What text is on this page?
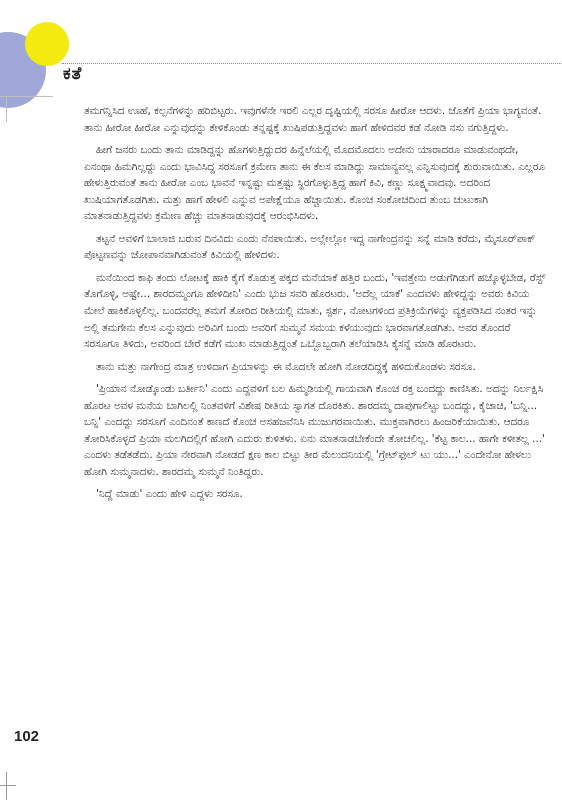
ಕತೆ

ತಮಗನ್ನಿಸಿದ ಊಹೆ, ಕಲ್ಪನೆಗಳನ್ನು ಹರಿಬಿಟ್ಟರು. ಇವುಗಳೆನೇ ಇರಲಿ ಎಲ್ಲರ ದೃಷ್ಟಿಯಲ್ಲಿ ಸರಸೂ ಹೀರೋ ಆದಳು. ಜೊತೆಗೆ ಪ್ರಿಯಾ ಭಾಗ್ಯವಂತೆ. ತಾನು ಹೀರೋ ಹೀರೋ ಎನ್ನುವುದನ್ನು ಕೇಳಿಕೊಂಡು ತನ್ನಷ್ಟಕ್ಕೆ ಖುಷಿಪಡುತ್ತಿದ್ದವಳು ಹಾಗೆ ಹೇಳಿದವರ ಕಡೆ ನೋಡಿ ನಸು ನಗುತ್ತಿದ್ದಳು.

ಹೀಗೆ ಜನರು ಬಂದು ತಾನು ಮಾಡಿದ್ದನ್ನು ಹೊಗಳುತ್ತಿದ್ದುದರ ಹಿನ್ನೆಲೆಯಲ್ಲಿ ಮೊದಮೊದಲು ಅದೇನು ಯಾರಾದರೂ ಮಾಡುವಂಥದೇ, ಏನಂಥಾ ಹಿಮಗಿಲ್ಲದ್ದು ಎಂದು ಭಾವಿಸಿದ್ದ ಸರಸೂಗೆ ಕ್ರಮೇಣ ತಾನು ಈ ಕೆಲಸ ಮಾಡಿದ್ದು ಸಾಮಾನ್ಯವಲ್ಲ ಎನ್ನಿಸುವುದಕ್ಕೆ ಶುರುವಾಯಿತು. ಎಲ್ಲರೂ ಹೇಳುತ್ತಿರುವಂತೆ ತಾನು ಹೀರೋ ಎಂಬ ಭಾವನೆ ಇನ್ನಷ್ಟು ಮತ್ತಷ್ಟು ಸ್ಥಿರಗೊಳ್ಳುತ್ತಿದ್ದ ಹಾಗೆ ಕಿವಿ, ಕಣ್ಣು ಸೂಕ್ಷ್ಮವಾದವು. ಅದರಿಂದ ಖುಷಿಯಾಗತೊಡಗಿತು. ಮತ್ತು ಹಾಗೆ ಹೇಳಲಿ ಎನ್ನುವ ಅಪೇಕ್ಷೆಯೂ ಹೆಚ್ಚಾಯಿತು. ಕೊಂಚ ಸಂಕೋಚದಿಂದ ತುಂಬ ಚುಟುಕಾಗಿ ಮಾತನಾಡುತ್ತಿದ್ದವಳು ಕ್ರಮೇಣ ಹೆಚ್ಚು ಮಾತನಾಡುವುದಕ್ಕೆ ಆರಂಭಿಸಿದಳು.

ತಟ್ಟನೆ ಅವಳಿಗೆ ಬಾಲಾಜಿ ಬರುವ ದಿನವಿದು ಎಂದು ನೆನಪಾಯಿತು. ಅಲ್ಲೇಲ್ಲೋ ಇದ್ದ ನಾಗೇಂದ್ರನನ್ನು ಸನ್ನೆ ಮಾಡಿ ಕರೆದು, ಮೈಸೂರ್‌ಪಾಕ್ ಪೊಟ್ಟಣವನ್ನು ಜೋಪಾನವಾಗಿಡುವಂತೆ ಕಿವಿಯಲ್ಲಿ ಹೇಳಿದಳು.

ಮನೆಯಿಂದ ಕಾಫಿ ತಂದು ಲೋಟಕ್ಕೆ ಹಾಕಿ ಕೈಗೆ ಕೊಡುತ್ತ ಪಕ್ಕದ ಮನೆಯಾಕೆ ಹತ್ತಿರ ಬಂದು, 'ಇವತ್ತೇನು ಅಡುಗೆಗಿಡುಗೆ ಹಚ್ಕೊಳ್ಳಬೇಡ, ರೆಸ್ಟ್ ತೊಗೊಳ್ಳಿ, ಅಷ್ಟೇ... ಶಾರದಮ್ಮಂಗೂ ಹೇಳಿದೀನಿ' ಎಂದು ಭುಜ ಸವರಿ ಹೊರಟರು. 'ಅದೆಲ್ಲ ಯಾಕೆ' ಎಂದವಳು ಹೇಳಿದ್ದನ್ನು ಅವರು ಕಿವಿಯ ಮೇಲೆ ಹಾಕಿಕೊಳ್ಳಲಿಲ್ಲ. ಬಂದವರೆಲ್ಲ ತಮಗೆ ತೋರಿದ ರೀತಿಯಲ್ಲಿ ಮಾತು, ಸ್ಪರ್ಶ, ನೋಟಗಳಿಂದ ಪ್ರತಿಕ್ರಿಯೆಗಳನ್ನು ವ್ಯಕ್ತಪಡಿಸಿದ ನಂತರ ಇನ್ನು ಅಲ್ಲಿ ತಮಗೇನು ಕೆಲಸ ಎನ್ನುವುದು ಅರಿವಿಗೆ ಬಂದು ಅವರಿಗೆ ಸುಮ್ಮನೆ ಸಮಯ ಕಳೆಯುವುದು ಭಾರವಾಗತೊಡಗಿತು. ಅವರ ತೊಂದರೆ ಸರಸೂಗೂ ತಿಳಿದು, ಅವರಿಂದ ಬೇರೆ ಕಡೆಗೆ ಮುಖ ಮಾಡುತ್ತಿದ್ದಂತೆ ಒಬ್ಬೊಬ್ಬರಾಗಿ ತಲೆಯಾಡಿಸಿ ಕೈಸನ್ನೆ ಮಾಡಿ ಹೊರಟರು.

ತಾನು ಮತ್ತು ನಾಗೇಂದ್ರ ಮಾತ್ರ ಉಳಿದಾಗ ಪ್ರಿಯಾಳನ್ನು ಈ ಮೊದಲೇ ಹೋಗಿ ನೋಡದಿದ್ದಕ್ಕೆ ಹಳಿದುಕೊಂಡಳು ಸರಸೂ.

'ಪ್ರಿಯಾನ ನೋಡ್ಕೊಂಡು ಬರ್ತೀನಿ' ಎಂದು ಎದ್ದವಳಿಗೆ ಬಲ ಹಿಮ್ಮಡಿಯಲ್ಲಿ ಗಾಯವಾಗಿ ಕೊಂಚ ರಕ್ತ ಬಂದದ್ದು ಕಾಣಿಸಿತು. ಅದನ್ನು ನಿರ್ಲಕ್ಷಿಸಿ ಹೊರಟ ಅವಳ ಮನೆಯ ಬಾಗಿಲಲ್ಲಿ ನಿಂತವಳಿಗೆ ವಿಶೇಷ ರೀತಿಯ ಸ್ವಾಗತ ದೊರಕಿತು. ಶಾರದಮ್ಮ ದಾಪುಗಾಲಿಟ್ಟು ಬಂದದ್ದು, ಕೈಚಾಚಿ, 'ಬನ್ನಿ... ಬನ್ನಿ' ಎಂದದ್ದು ಸರಸೂಗೆ ಎಂದಿನಂತೆ ಕಾಣದೆ ಕೊಂಚ ಅಸಹಜವೆನಿಸಿ ಮುಜುಗರವಾಯಿತು. ಮುಕ್ತವಾಗಿರಲು ಹಿಂಜರಿಕೆಯಾಯಿತು. ಆದರೂ ತೋರಿಸಿಕೊಳ್ಳದೆ ಪ್ರಿಯಾ ಮಲಗಿದಲ್ಲಿಗೆ ಹೋಗಿ ಎದುರು ಕುಳಿತಳು. ಏನು ಮಾತನಾಡಬೇಕೆಂದೇ ತೋಚಲಿಲ್ಲ. 'ಕೆಟ್ಟ ಕಾಲ... ಹಾಗೇ ಕಳೀತಲ್ಲ ...' ಎಂದಳು ತಡೆತಡೆದು. ಪ್ರಿಯಾ ನೇರವಾಗಿ ನೋಡದೆ ಕ್ಷಣ ಕಾಲ ಬಿಟ್ಟು ತೀರ ಮೆಲುದನಿಯಲ್ಲಿ 'ಗ್ರೇಟ್‌ಫುಲ್ ಟು ಯು...' ಎಂದೇನೋ ಹೇಳಲು ಹೋಗಿ ಸುಮ್ಮನಾದಳು. ಶಾರದಮ್ಮ ಸುಮ್ಮನೆ ನಿಂತಿದ್ದರು.

'ನಿದ್ದೆ ಮಾಡು' ಎಂದು ಹೇಳಿ ಎದ್ದಳು ಸರಸೂ.

102
